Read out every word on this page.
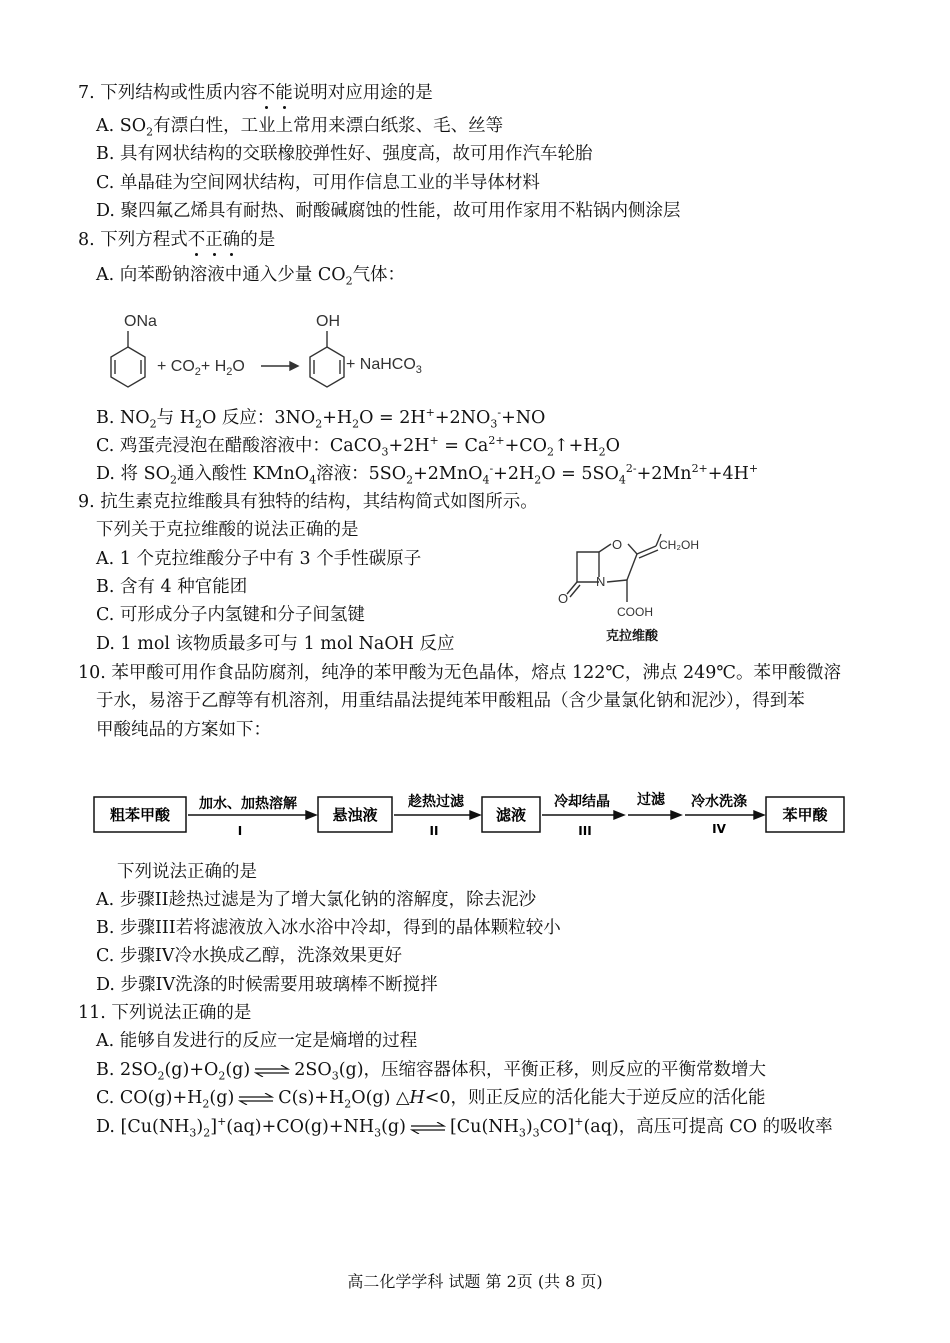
7. 下列结构或性质内容不能说明对应用途的是
A. $SO_2$有漂白性，工业上常用来漂白纸浆、毛、丝等
B. 具有网状结构的交联橡胶弹性好、强度高，故可用作汽车轮胎
C. 单晶硅为空间网状结构，可用作信息工业的半导体材料
D. 聚四氟乙烯具有耐热、耐酸碱腐蚀的性能，故可用作家用不粘锅内侧涂层
8. 下列方程式不正确的是
A. 向苯酚钠溶液中通入少量 $CO_2$气体：
ONa
+ $CO_2+ H_2O$
OH
+ NaHCO$_3$
B. $NO_2$与 $H_2O$ 反应：$3NO_2+H_2O = 2H^++2NO_3^-+NO$
C. 鸡蛋壳浸泡在醋酸溶液中：CaCO$_3$+2H+ = $Ca^{2+}+CO_2↑+H_2O$
D. 将 $SO_2$通入酸性 KMnO$_4$溶液：$5SO_2+2MnO_4^-+2H_2O = 5SO_4^{2-}+2Mn^{2+}+4H^+$
9. 抗生素克拉维酸具有独特的结构，其结构简式如图所示。
下列关于克拉维酸的说法正确的是
A. 1 个克拉维酸分子中有 3 个手性碳原子
B. 含有 4 种官能团
C. 可形成分子内氢键和分子间氢键
D. 1 mol 该物质最多可与 1 mol NaOH 反应
O
N
O
CH₂OH
COOH
克拉维酸
10. 苯甲酸可用作食品防腐剂，纯净的苯甲酸为无色晶体，熔点 122℃，沸点 249℃。苯甲酸微溶
于水，易溶于乙醇等有机溶剂，用重结晶法提纯苯甲酸粗品（含少量氯化钠和泥沙），得到苯
甲酸纯品的方案如下：
粗苯甲酸	悬浊液	滤液	苯甲酸
加水、加热溶解
I
趁热过滤
II
冷却结晶
III
过滤 冷水洗涤
IV
下列说法正确的是
A. 步骤II趁热过滤是为了增大氯化钠的溶解度，除去泥沙
B. 步骤III若将滤液放入冰水浴中冷却，得到的晶体颗粒较小
C. 步骤IV冷水换成乙醇，洗涤效果更好
D. 步骤IV洗涤的时候需要用玻璃棒不断搅拌
11. 下列说法正确的是
A. 能够自发进行的反应一定是熵增的过程
B. $2SO_2(g)+O_2(g)$ ⇌ $2SO_3(g)$，压缩容器体积，平衡正移，则反应的平衡常数增大
C. $CO(g)+H_2(g)$ ⇌ $C(s)+H_2O(g)$ △H<0，则正反应的活化能大于逆反应的活化能
D. $[Cu(NH_3)_2]^+(aq)+CO(g)+NH_3(g)$ ⇌ $[Cu(NH_3)_3CO]^+(aq)$，高压可提高 CO 的吸收率
高二化学学科 试题 第 2页 (共 8 页)
